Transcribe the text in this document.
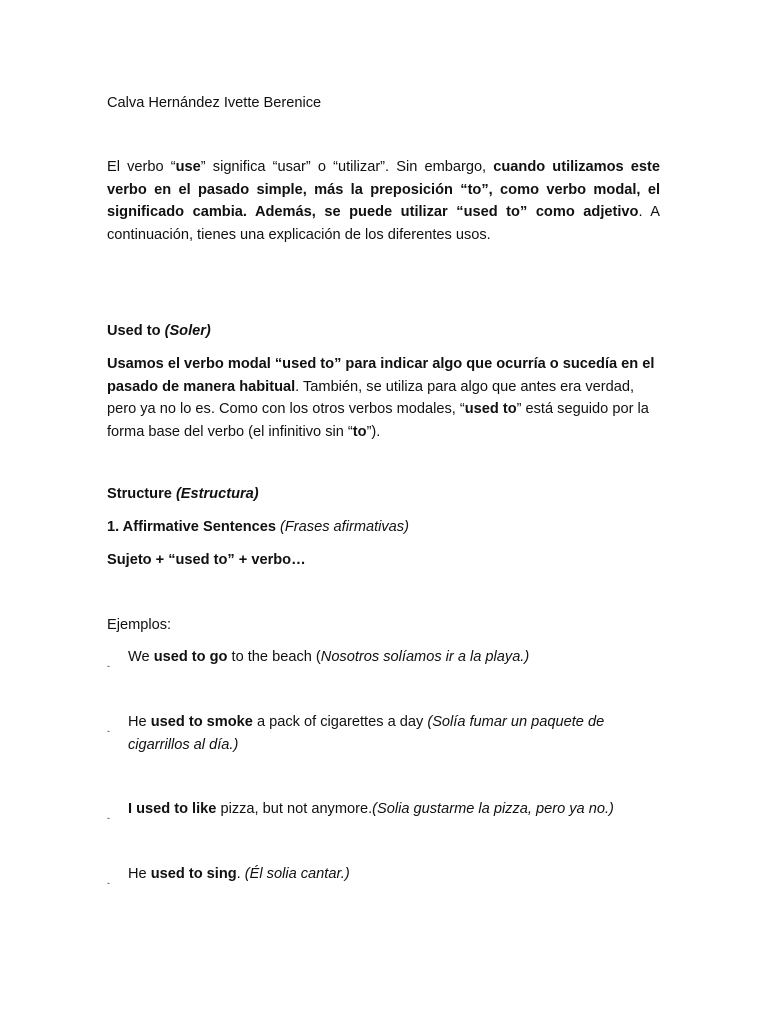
Calva Hernández Ivette Berenice
El verbo “use” significa “usar” o “utilizar”. Sin embargo, cuando utilizamos este verbo en el pasado simple, más la preposición “to”, como verbo modal, el significado cambia. Además, se puede utilizar “used to” como adjetivo. A continuación, tienes una explicación de los diferentes usos.
Used to (Soler)
Usamos el verbo modal “used to” para indicar algo que ocurría o sucedía en el pasado de manera habitual. También, se utiliza para algo que antes era verdad, pero ya no lo es. Como con los otros verbos modales, “used to” está seguido por la forma base del verbo (el infinitivo sin “to”).
Structure (Estructura)
1. Affirmative Sentences (Frases afirmativas)
Sujeto + “used to” + verbo…
Ejemplos:
-
We used to go to the beach (Nosotros solíamos ir a la playa.)
-
He used to smoke a pack of cigarettes a day (Solía fumar un paquete de cigarrillos al día.)
-
I used to like pizza, but not anymore.(Solia gustarme la pizza, pero ya no.)
-
He used to sing. (Él solia cantar.)
